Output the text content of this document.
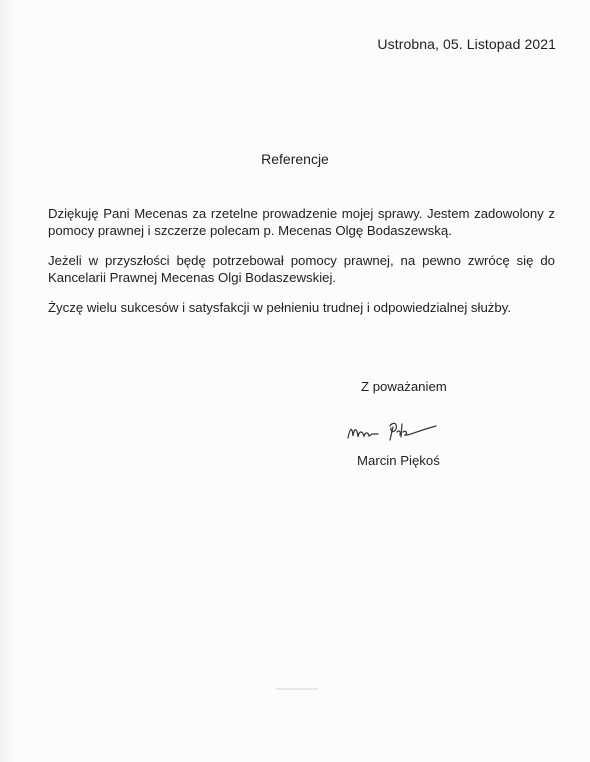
Ustrobna, 05. Listopad 2021
Referencje

Dziękuję Pani Mecenas za rzetelne prowadzenie mojej sprawy. Jestem zadowolony z pomocy prawnej i szczerze polecam p. Mecenas Olgę Bodaszewską.

Jeżeli w przyszłości będę potrzebował pomocy prawnej, na pewno zwrócę się do Kancelarii Prawnej Mecenas Olgi Bodaszewskiej.

Życzę wielu sukcesów i satysfakcji w pełnieniu trudnej i odpowiedzialnej służby.

Z poważaniem
Marcin Piękoś
